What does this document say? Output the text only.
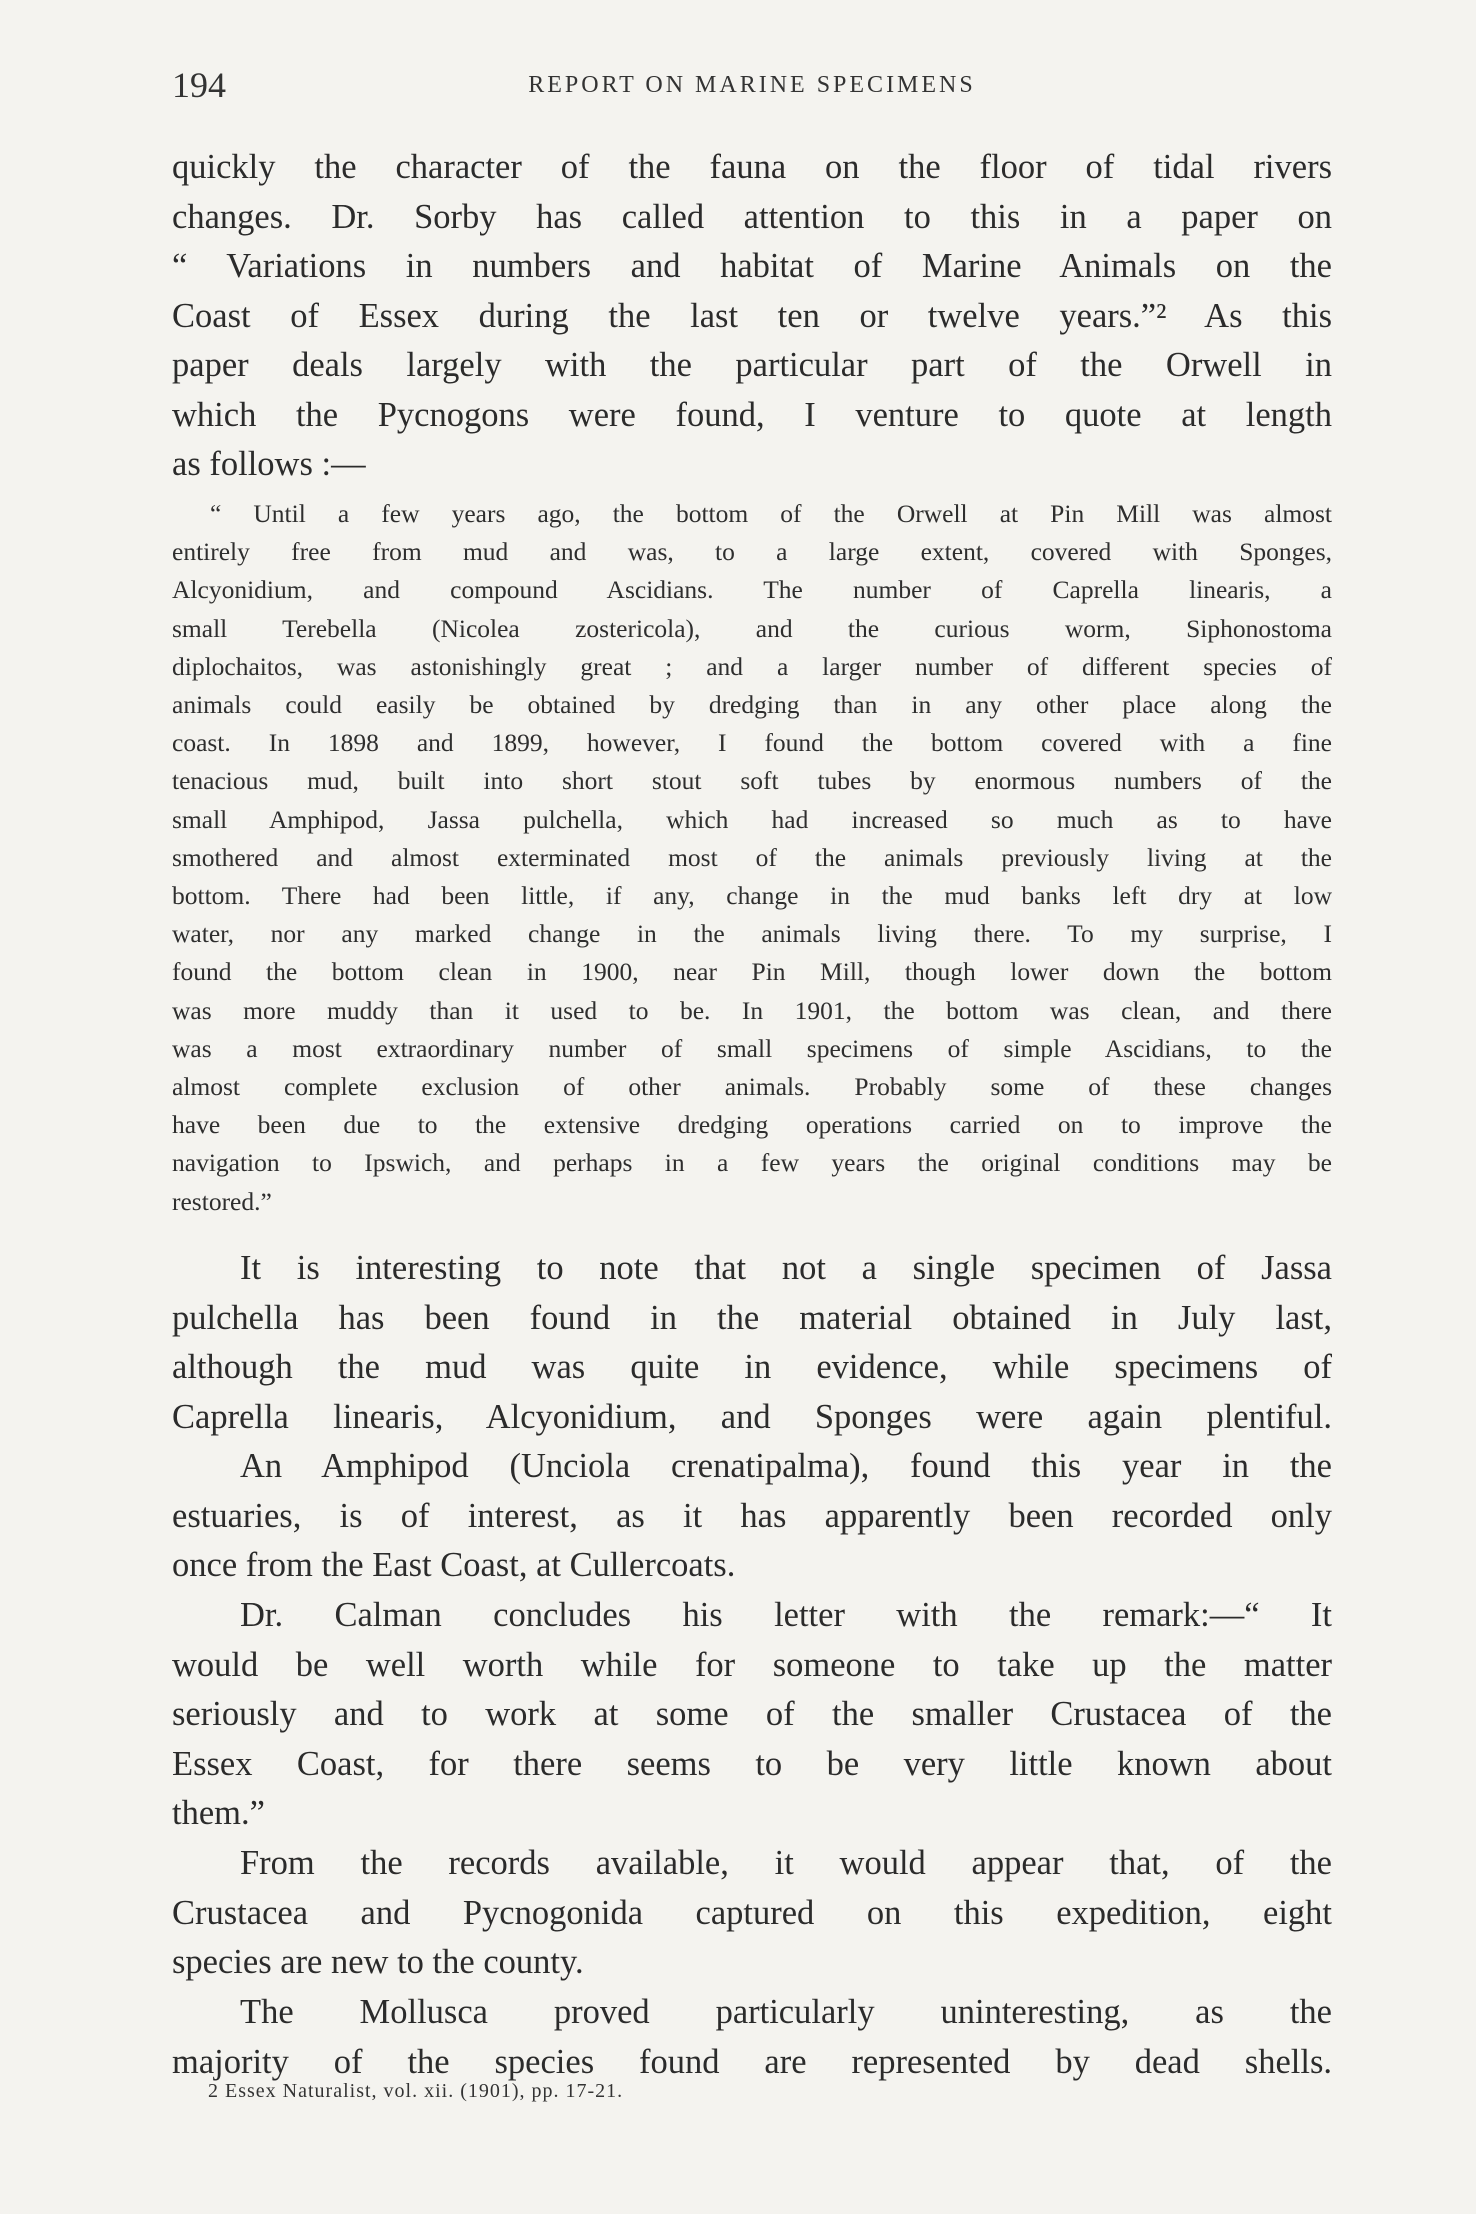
194	REPORT ON MARINE SPECIMENS

quickly the character of the fauna on the floor of tidal rivers
changes. Dr. Sorby has called attention to this in a paper on
“ Variations in numbers and habitat of Marine Animals on the
Coast of Essex during the last ten or twelve years.”² As this
paper deals largely with the particular part of the Orwell in
which the Pycnogons were found, I venture to quote at length
as follows :—

“ Until a few years ago, the bottom of the Orwell at Pin Mill was almost
entirely free from mud and was, to a large extent, covered with Sponges,
Alcyonidium, and compound Ascidians. The number of Caprella linearis, a
small Terebella (Nicolea zostericola), and the curious worm, Siphonostoma
diplochaitos, was astonishingly great ; and a larger number of different species of
animals could easily be obtained by dredging than in any other place along the
coast. In 1898 and 1899, however, I found the bottom covered with a fine
tenacious mud, built into short stout soft tubes by enormous numbers of the
small Amphipod, Jassa pulchella, which had increased so much as to have
smothered and almost exterminated most of the animals previously living at the
bottom. There had been little, if any, change in the mud banks left dry at low
water, nor any marked change in the animals living there. To my surprise, I
found the bottom clean in 1900, near Pin Mill, though lower down the bottom
was more muddy than it used to be. In 1901, the bottom was clean, and there
was a most extraordinary number of small specimens of simple Ascidians, to the
almost complete exclusion of other animals. Probably some of these changes
have been due to the extensive dredging operations carried on to improve the
navigation to Ipswich, and perhaps in a few years the original conditions may be
restored.”

It is interesting to note that not a single specimen of Jassa
pulchella has been found in the material obtained in July last,
although the mud was quite in evidence, while specimens of
Caprella linearis, Alcyonidium, and Sponges were again plentiful.

An Amphipod (Unciola crenatipalma), found this year in the
estuaries, is of interest, as it has apparently been recorded only
once from the East Coast, at Cullercoats.

Dr. Calman concludes his letter with the remark:—“ It
would be well worth while for someone to take up the matter
seriously and to work at some of the smaller Crustacea of the
Essex Coast, for there seems to be very little known about
them.”

From the records available, it would appear that, of the
Crustacea and Pycnogonida captured on this expedition, eight
species are new to the county.

The Mollusca proved particularly uninteresting, as the
majority of the species found are represented by dead shells.

2 Essex Naturalist, vol. xii. (1901), pp. 17-21.
